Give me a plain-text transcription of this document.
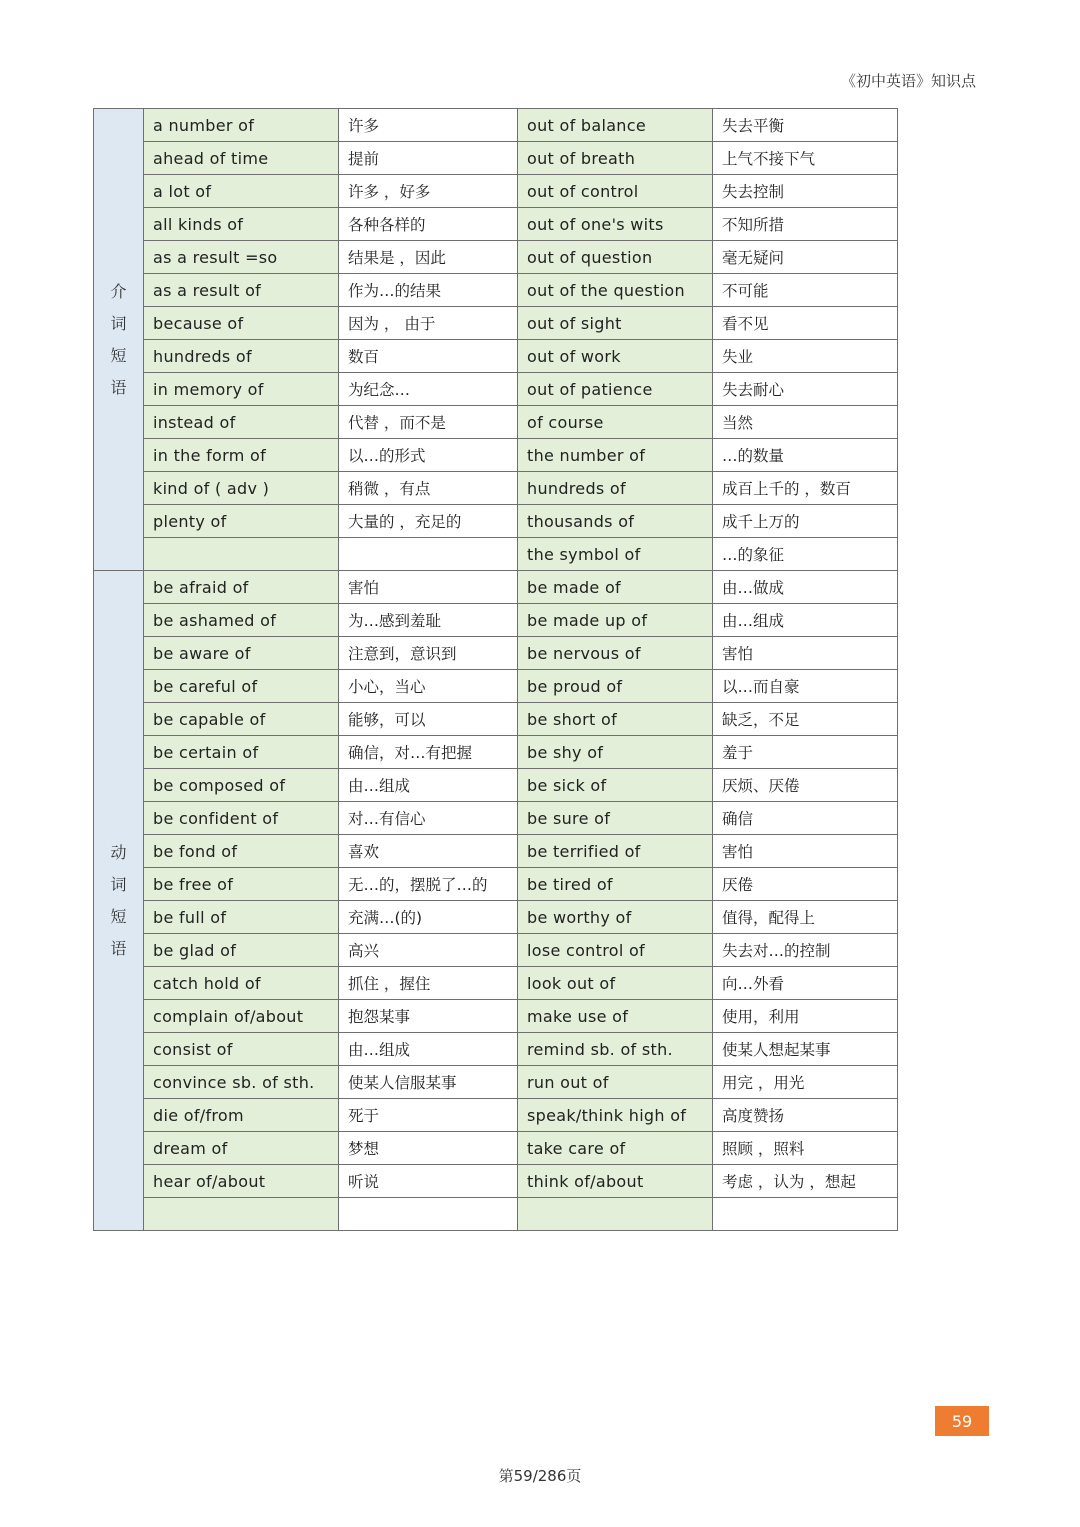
《初中英语》知识点
介词短语	a number of	许多	out of balance	失去平衡
	ahead of time	提前	out of breath	上气不接下气
	a lot of	许多 ，好多	out of control	失去控制
	all kinds of	各种各样的	out of one's wits	不知所措
	as a result =so	结果是 ，因此	out of question	毫无疑问
	as a result of	作为…的结果	out of the question	不可能
	because of	因为 ， 由于	out of sight	看不见
	hundreds of	数百	out of work	失业
	in memory of	为纪念…	out of patience	失去耐心
	instead of	代替 ，而不是	of course	当然
	in the form of	以…的形式	the number of	…的数量
	kind of ( adv )	稍微 ，有点	hundreds of	成百上千的 ，数百
	plenty of	大量的 ，充足的	thousands of	成千上万的
			the symbol of	…的象征
动词短语	be afraid of	害怕	be made of	由…做成
	be ashamed of	为…感到羞耻	be made up of	由…组成
	be aware of	注意到，意识到	be nervous of	害怕
	be careful of	小心，当心	be proud of	以…而自豪
	be capable of	能够，可以	be short of	缺乏，不足
	be certain of	确信，对…有把握	be shy of	羞于
	be composed of	由…组成	be sick of	厌烦、厌倦
	be confident of	对…有信心	be sure of	确信
	be fond of	喜欢	be terrified of	害怕
	be free of	无…的，摆脱了…的	be tired of	厌倦
	be full of	充满…(的)	be worthy of	值得，配得上
	be glad of	高兴	lose control of	失去对…的控制
	catch hold of	抓住 ，握住	look out of	向…外看
	complain of/about	抱怨某事	make use of	使用，利用
	consist of	由…组成	remind sb. of sth.	使某人想起某事
	convince sb. of sth.	使某人信服某事	run out of	用完 ，用光
	die of/from	死于	speak/think high of	高度赞扬
	dream of	梦想	take care of	照顾 ，照料
	hear of/about	听说	think of/about	考虑 ，认为 ，想起

59
第59/286页
